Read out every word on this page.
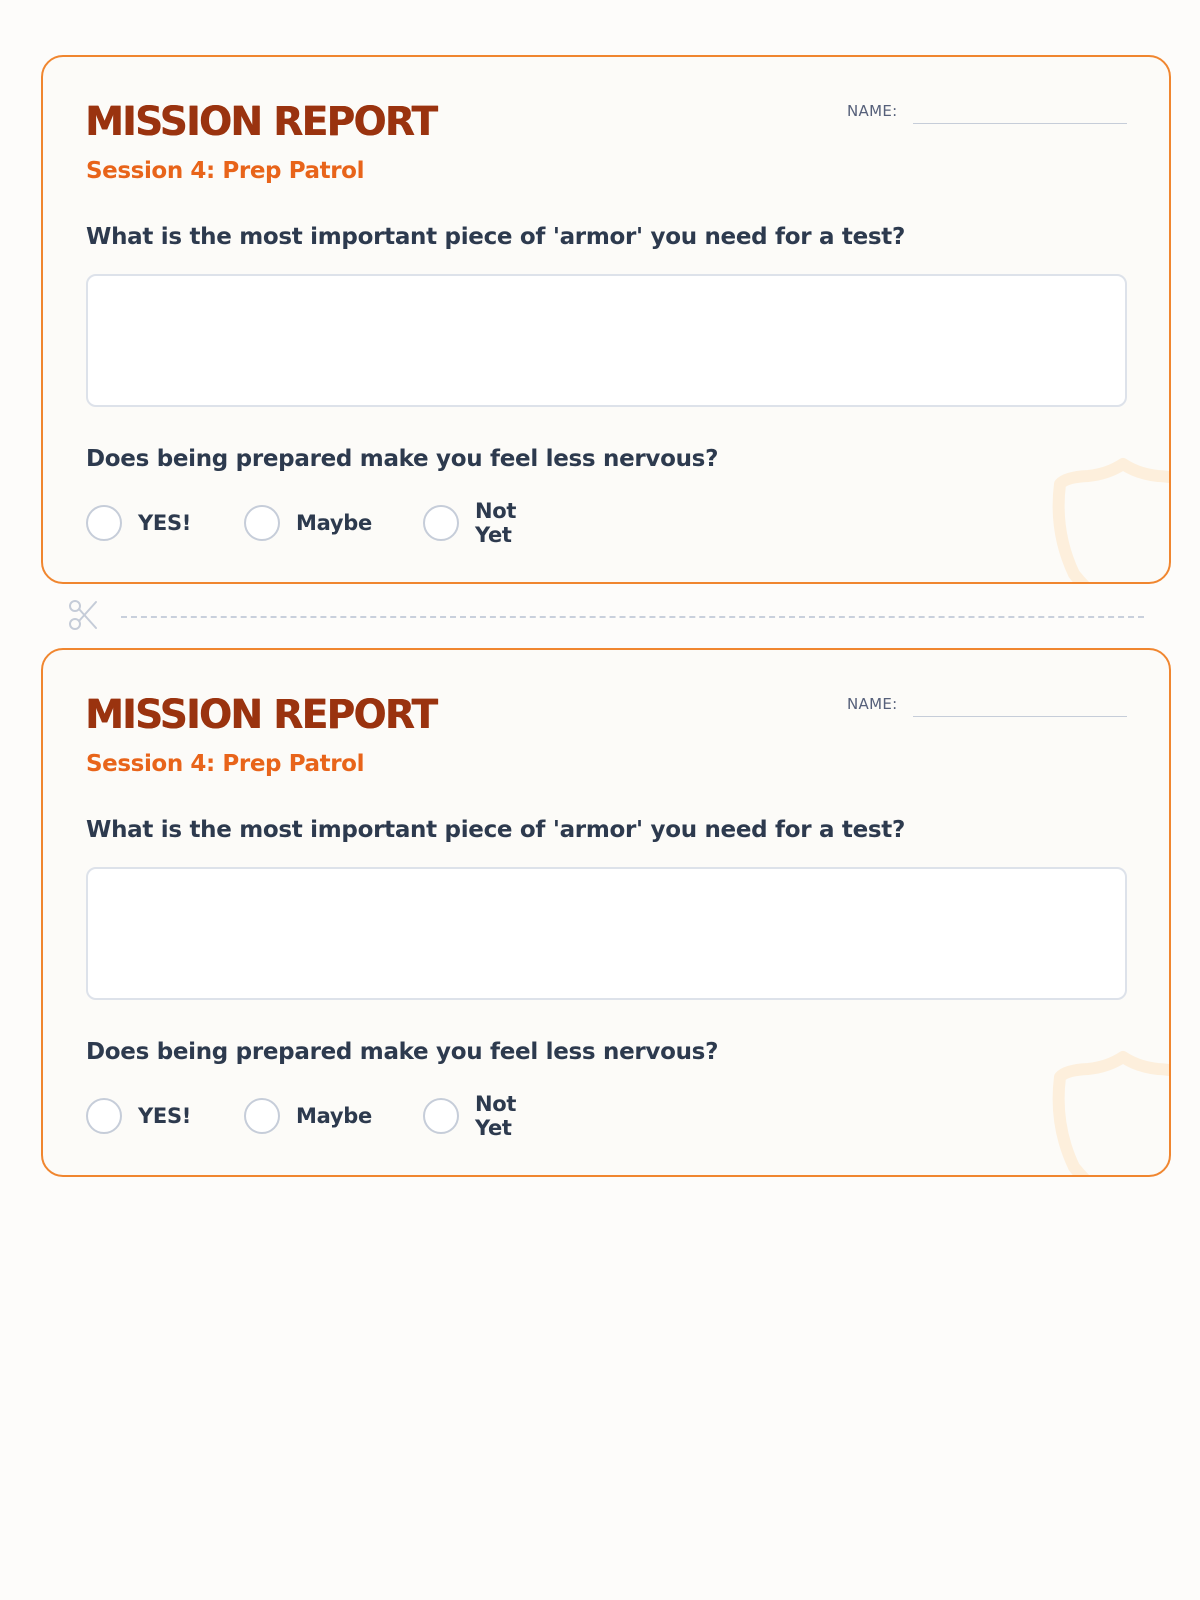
MISSION REPORT

Session 4: Prep Patrol

NAME:

What is the most important piece of 'armor' you need for a test?

Does being prepared make you feel less nervous?

YES!	Maybe	Not Yet
MISSION REPORT

Session 4: Prep Patrol

NAME:

What is the most important piece of 'armor' you need for a test?

Does being prepared make you feel less nervous?

YES!	Maybe	Not Yet
